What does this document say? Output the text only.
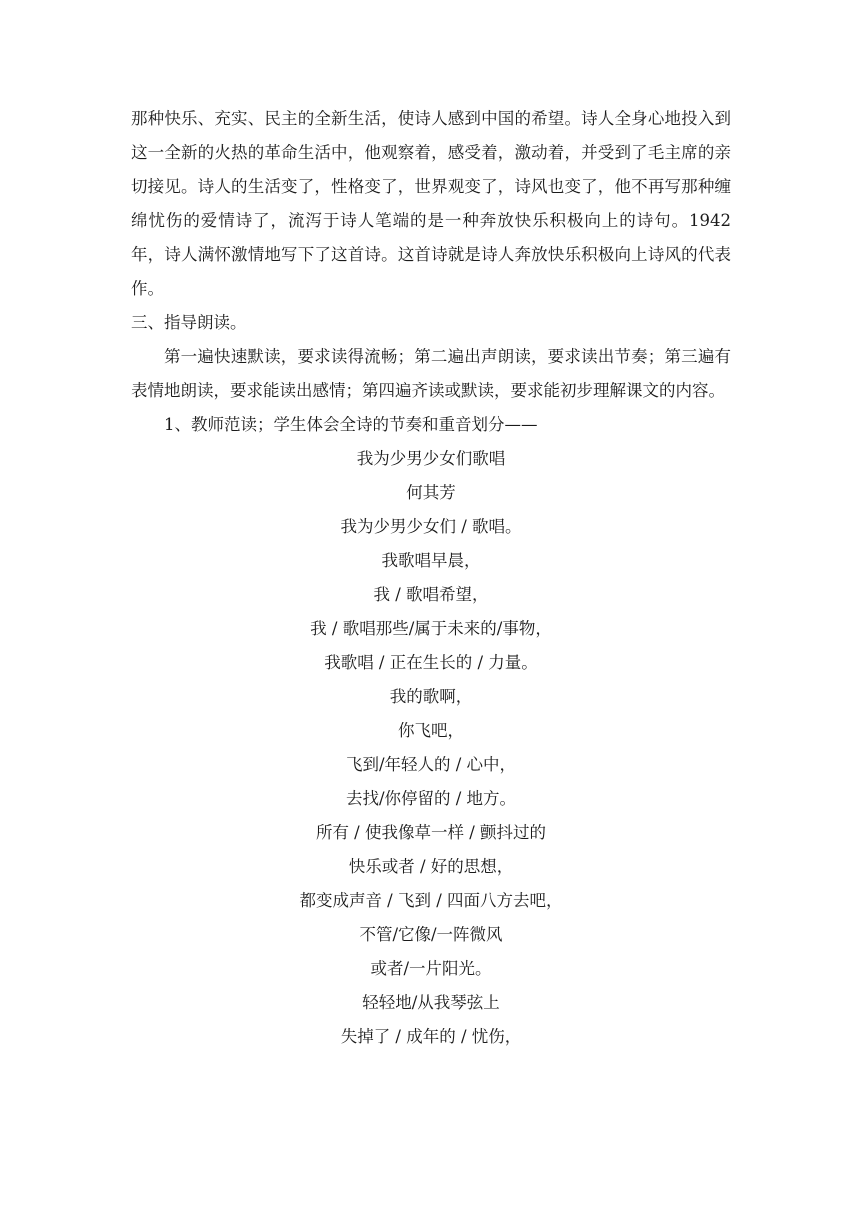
那种快乐、充实、民主的全新生活，使诗人感到中国的希望。诗人全身心地投入到这一全新的火热的革命生活中，他观察着，感受着，激动着，并受到了毛主席的亲切接见。诗人的生活变了，性格变了，世界观变了，诗风也变了，他不再写那种缠绵忧伤的爱情诗了，流泻于诗人笔端的是一种奔放快乐积极向上的诗句。1942 年，诗人满怀激情地写下了这首诗。这首诗就是诗人奔放快乐积极向上诗风的代表作。

三、指导朗读。

第一遍快速默读，要求读得流畅；第二遍出声朗读，要求读出节奏；第三遍有表情地朗读，要求能读出感情；第四遍齐读或默读，要求能初步理解课文的内容。

1、教师范读；学生体会全诗的节奏和重音划分——

我为少男少女们歌唱
何其芳
我为少男少女们 / 歌唱。
我歌唱早晨，
我 / 歌唱希望，
我 / 歌唱那些/属于未来的/事物，
我歌唱 / 正在生长的 / 力量。
我的歌啊，
你飞吧，
飞到/年轻人的 / 心中，
去找/你停留的 / 地方。
所有 / 使我像草一样 / 颤抖过的
快乐或者 / 好的思想，
都变成声音 / 飞到 / 四面八方去吧，
不管/它像/一阵微风
或者/一片阳光。
轻轻地/从我琴弦上
失掉了 / 成年的 / 忧伤，
